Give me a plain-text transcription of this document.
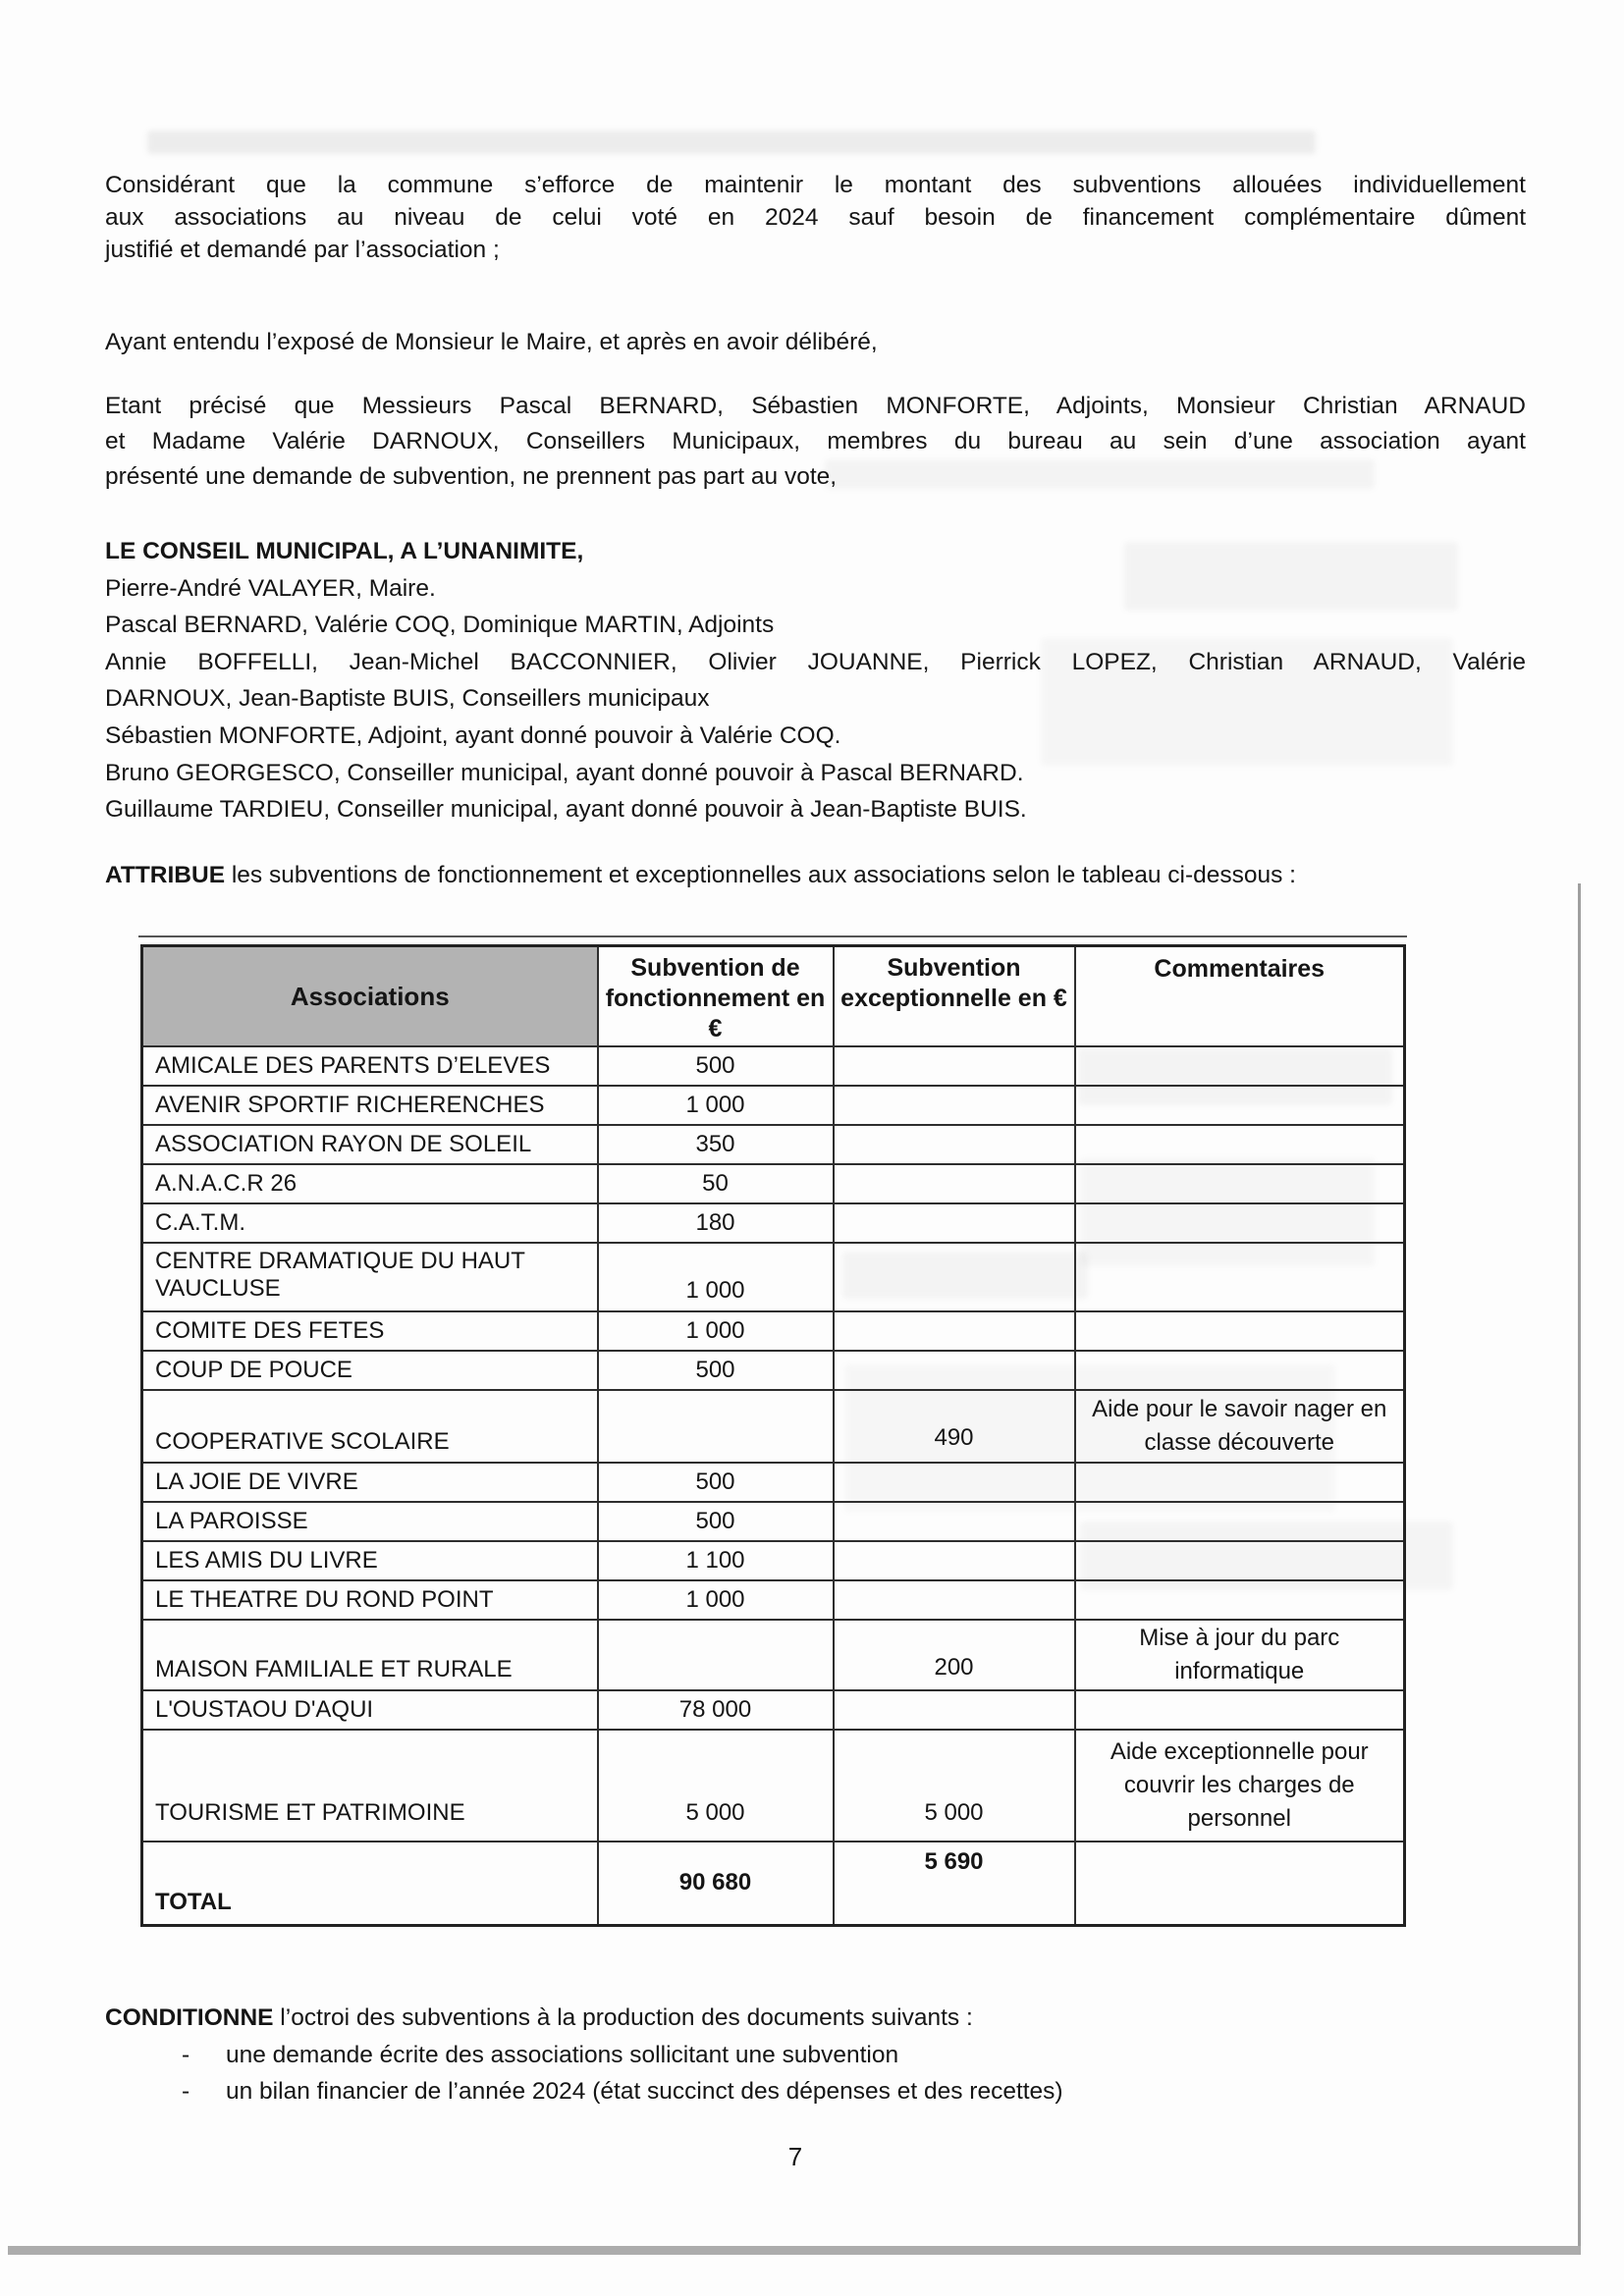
Considérant que la commune s’efforce de maintenir le montant des subventions allouées individuellement
aux associations au niveau de celui voté en 2024 sauf besoin de financement complémentaire dûment
justifié et demandé par l’association ;
Ayant entendu l’exposé de Monsieur le Maire, et après en avoir délibéré,
Etant précisé que Messieurs Pascal BERNARD, Sébastien MONFORTE, Adjoints, Monsieur Christian ARNAUD
et Madame Valérie DARNOUX, Conseillers Municipaux, membres du bureau au sein d’une association ayant
présenté une demande de subvention, ne prennent pas part au vote,
LE CONSEIL MUNICIPAL, A L’UNANIMITE,
Pierre-André VALAYER, Maire.
Pascal BERNARD, Valérie COQ, Dominique MARTIN, Adjoints
Annie BOFFELLI, Jean-Michel BACCONNIER, Olivier JOUANNE, Pierrick LOPEZ, Christian ARNAUD, Valérie
DARNOUX, Jean-Baptiste BUIS, Conseillers municipaux
Sébastien MONFORTE, Adjoint, ayant donné pouvoir à Valérie COQ.
Bruno GEORGESCO, Conseiller municipal, ayant donné pouvoir à Pascal BERNARD.
Guillaume TARDIEU, Conseiller municipal, ayant donné pouvoir à Jean-Baptiste BUIS.
ATTRIBUE les subventions de fonctionnement et exceptionnelles aux associations selon le tableau ci-dessous :
Associations	Subvention de fonctionnement en €	Subvention exceptionnelle en €	Commentaires
AMICALE DES PARENTS D’ELEVES	500		
AVENIR SPORTIF RICHERENCHES	1 000		
ASSOCIATION RAYON DE SOLEIL	350		
A.N.A.C.R 26	50		
C.A.T.M.	180		
CENTRE DRAMATIQUE DU HAUT VAUCLUSE	1 000		
COMITE DES FETES	1 000		
COUP DE POUCE	500		
COOPERATIVE SCOLAIRE		490	Aide pour le savoir nager en classe découverte
LA JOIE DE VIVRE	500		
LA PAROISSE	500		
LES AMIS DU LIVRE	1 100		
LE THEATRE DU ROND POINT	1 000		
MAISON FAMILIALE ET RURALE		200	Mise à jour du parc informatique
L'OUSTAOU D'AQUI	78 000		
TOURISME ET PATRIMOINE	5 000	5 000	Aide exceptionnelle pour couvrir les charges de personnel
TOTAL	90 680	5 690	
CONDITIONNE l’octroi des subventions à la production des documents suivants :
- une demande écrite des associations sollicitant une subvention
- un bilan financier de l’année 2024 (état succinct des dépenses et des recettes)
7
